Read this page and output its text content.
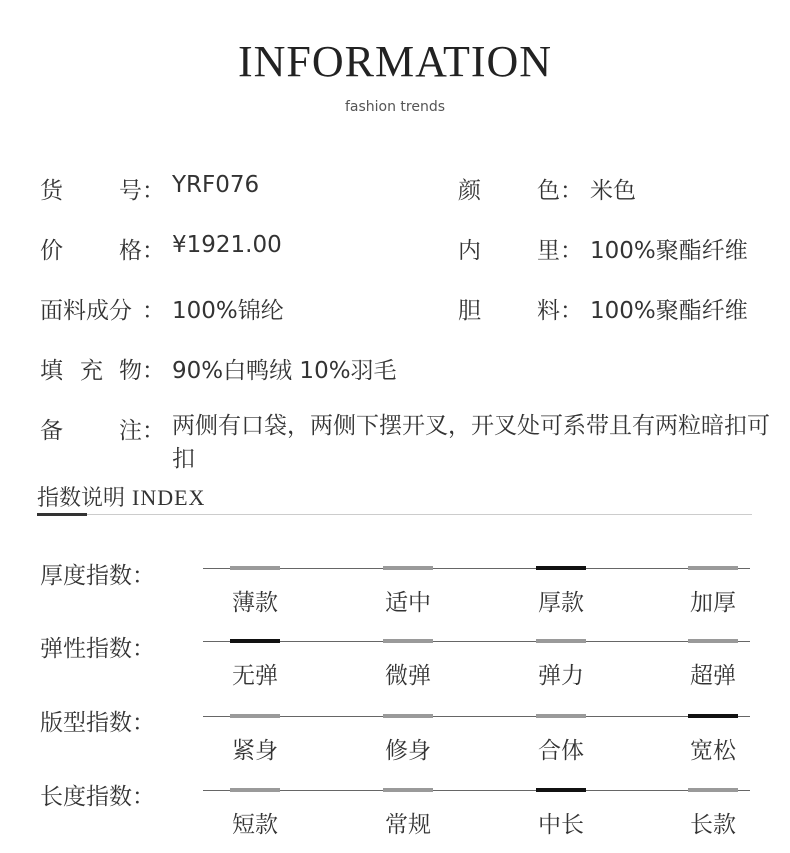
INFORMATION
fashion trends
货 号 ： YRF076
价 格 ： ¥1921.00
面料成分 ： 100%锦纶
填 充 物 ： 90%白鸭绒 10%羽毛
备 注 ： 两侧有口袋，两侧下摆开叉，开叉处可系带且有两粒暗扣可扣
颜 色 ： 米色
内 里 ： 100%聚酯纤维
胆 料 ： 100%聚酯纤维
指数说明 INDEX
厚度指数：
薄款	适中	厚款	加厚
弹性指数：
无弹	微弹	弹力	超弹
版型指数：
紧身	修身	合体	宽松
长度指数：
短款	常规	中长	长款
